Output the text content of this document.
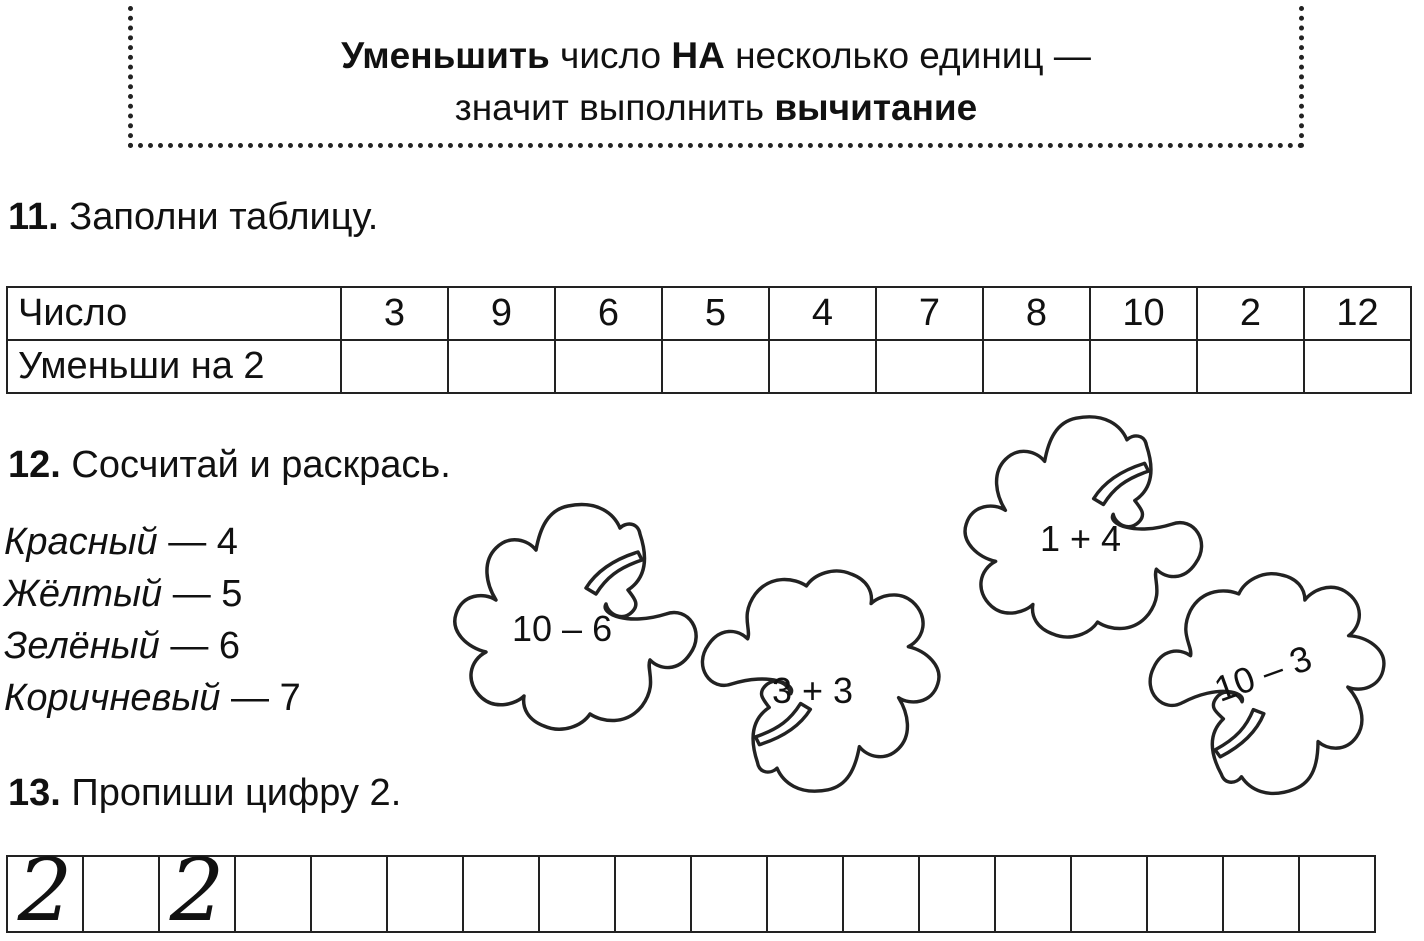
Уменьшить число НА несколько единиц —
значит выполнить вычитание
11. Заполни таблицу.
Число	3	9	6	5	4	7	8	10	2	12
Уменьши на 2										
12. Сосчитай и раскрась.
Красный — 4
Жёлтый — 5
Зелёный — 6
Коричневый — 7
10 – 6
3 + 3
1 + 4
10 – 3
13. Пропиши цифру 2.
2 2
